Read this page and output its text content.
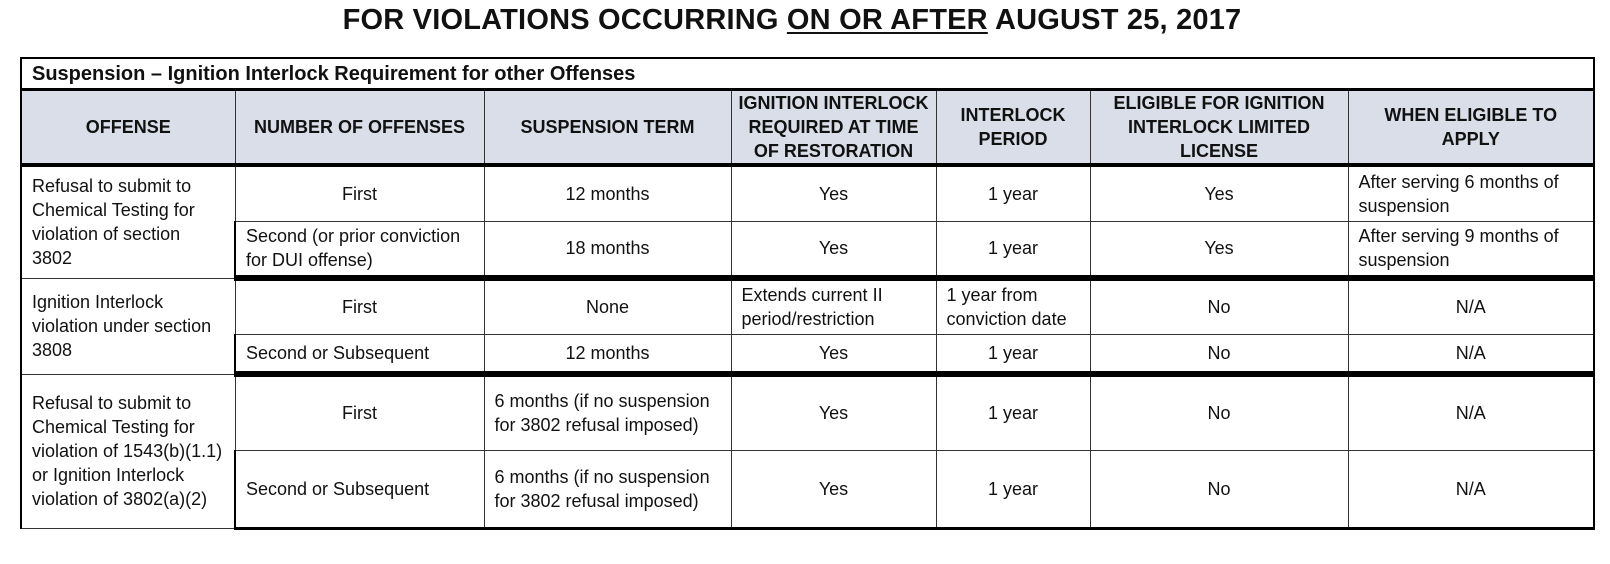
FOR VIOLATIONS OCCURRING ON OR AFTER AUGUST 25, 2017
Suspension – Ignition Interlock Requirement for other Offenses						
OFFENSE	NUMBER OF OFFENSES	SUSPENSION TERM	IGNITION INTERLOCK REQUIRED AT TIME OF RESTORATION	INTERLOCK PERIOD	ELIGIBLE FOR IGNITION INTERLOCK LIMITED LICENSE	WHEN ELIGIBLE TO APPLY
Refusal to submit to Chemical Testing for violation of section 3802	First	12 months	Yes	1 year	Yes	After serving 6 months of suspension
	Second (or prior conviction for DUI offense)	18 months	Yes	1 year	Yes	After serving 9 months of suspension
Ignition Interlock violation under section 3808	First	None	Extends current II period/restriction	1 year from conviction date	No	N/A
	Second or Subsequent	12 months	Yes	1 year	No	N/A
Refusal to submit to Chemical Testing for violation of 1543(b)(1.1) or Ignition Interlock violation of 3802(a)(2)	First	6 months (if no suspension for 3802 refusal imposed)	Yes	1 year	No	N/A
	Second or Subsequent	6 months (if no suspension for 3802 refusal imposed)	Yes	1 year	No	N/A
